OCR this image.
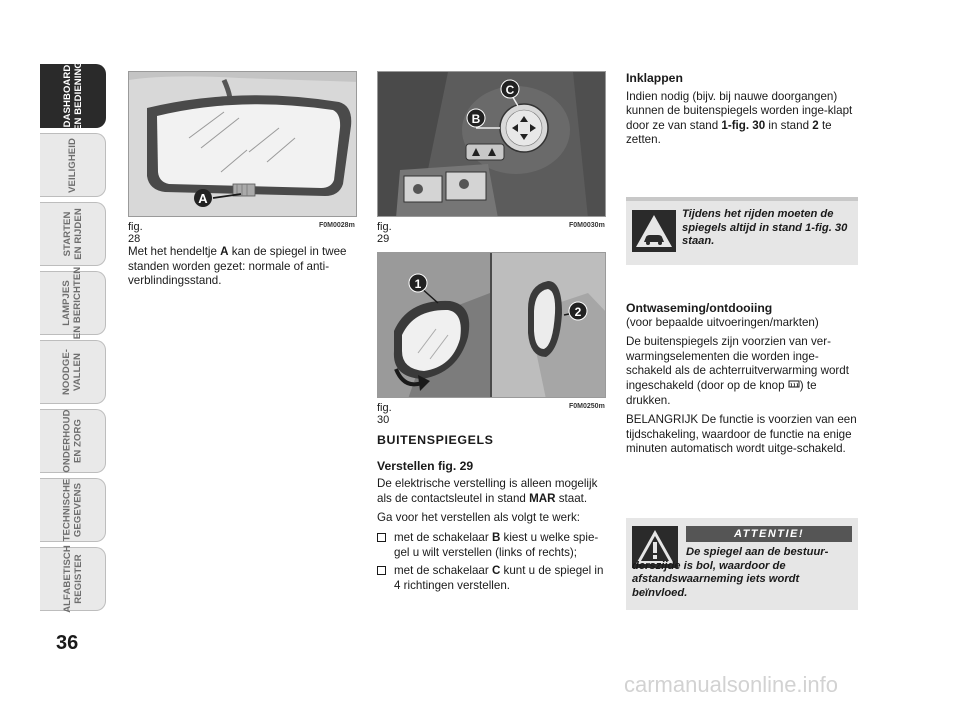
DASHBOARD
EN BEDIENING
VEILIGHEID
STARTEN
EN RIJDEN
LAMPJES
EN BERICHTEN
NOODGE-
VALLEN
ONDERHOUD
EN ZORG
TECHNISCHE
GEGEVENS
ALFABETISCH
REGISTER
36
A
fig. 28
F0M0028m
B
C
fig. 29
F0M0030m
1
2
fig. 30
F0M0250m

Met het hendeltje A kan de spiegel in twee standen worden gezet: normale of anti-verblindingsstand.

BUITENSPIEGELS

Verstellen fig. 29

De elektrische verstelling is alleen mogelijk als de contactsleutel in stand MAR staat.

Ga voor het verstellen als volgt te werk:

met de schakelaar B kiest u welke spie-gel u wilt verstellen (links of rechts);
met de schakelaar C kunt u de spiegel in 4 richtingen verstellen.

Inklappen

Indien nodig (bijv. bij nauwe doorgangen) kunnen de buitenspiegels worden inge-klapt door ze van stand 1-fig. 30 in stand 2 te zetten.

Tijdens het rijden moeten de spiegels altijd in stand 1-fig. 30 staan.

Ontwaseming/ontdooiing

(voor bepaalde uitvoeringen/markten)

De buitenspiegels zijn voorzien van ver-warmingselementen die worden inge-schakeld als de achterruitverwarming wordt ingeschakeld (door op de knop ) te drukken.

BELANGRIJK De functie is voorzien van een tijdschakeling, waardoor de functie na enige minuten automatisch wordt uitge-schakeld.

ATTENTIE!
De spiegel aan de bestuur-derszijde is bol, waardoor de afstandswaarneming iets wordt beïnvloed.
carmanualsonline.info
